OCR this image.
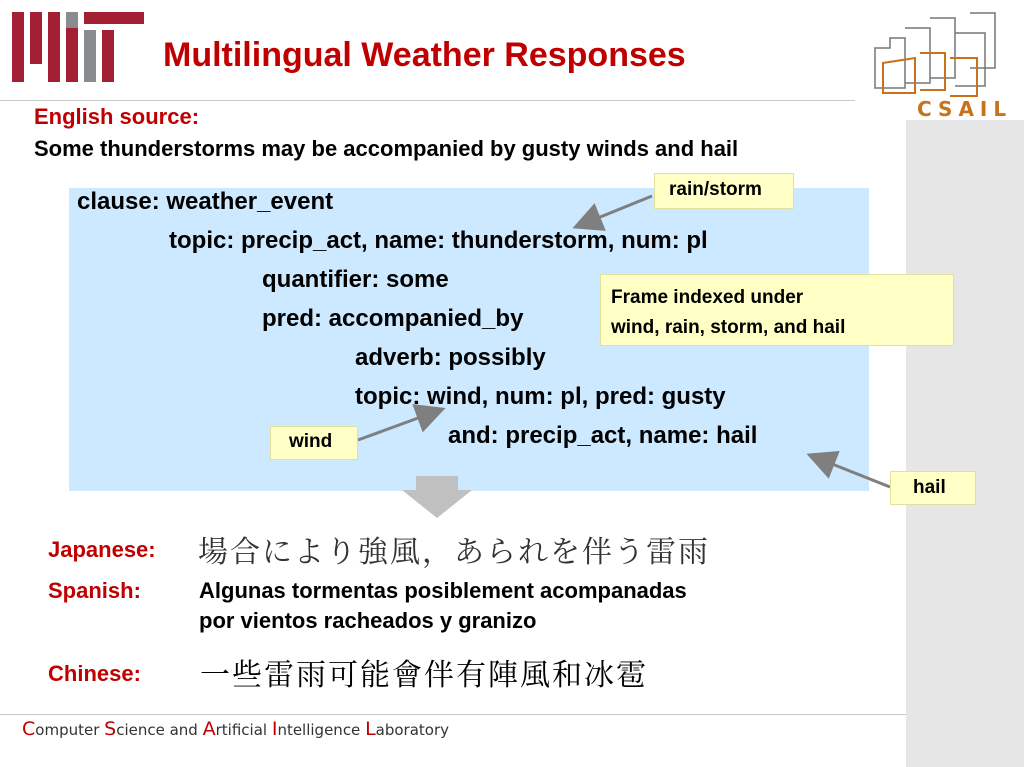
Multilingual Weather Responses
CSAIL
English source:
Some thunderstorms may be accompanied by gusty winds and hail
clause: weather_event
topic: precip_act, name: thunderstorm, num: pl
quantifier: some
pred: accompanied_by
adverb: possibly
topic: wind, num: pl, pred: gusty
and: precip_act, name: hail
rain/storm
Frame indexed under
wind, rain, storm, and hail
wind
hail
Japanese: 場合により強風，あられを伴う雷雨
Spanish:	Algunas tormentas posiblement acompanadas
por vientos racheados y granizo
Chinese: 一些雷雨可能會伴有陣風和冰雹
Computer Science and Artificial Intelligence Laboratory
